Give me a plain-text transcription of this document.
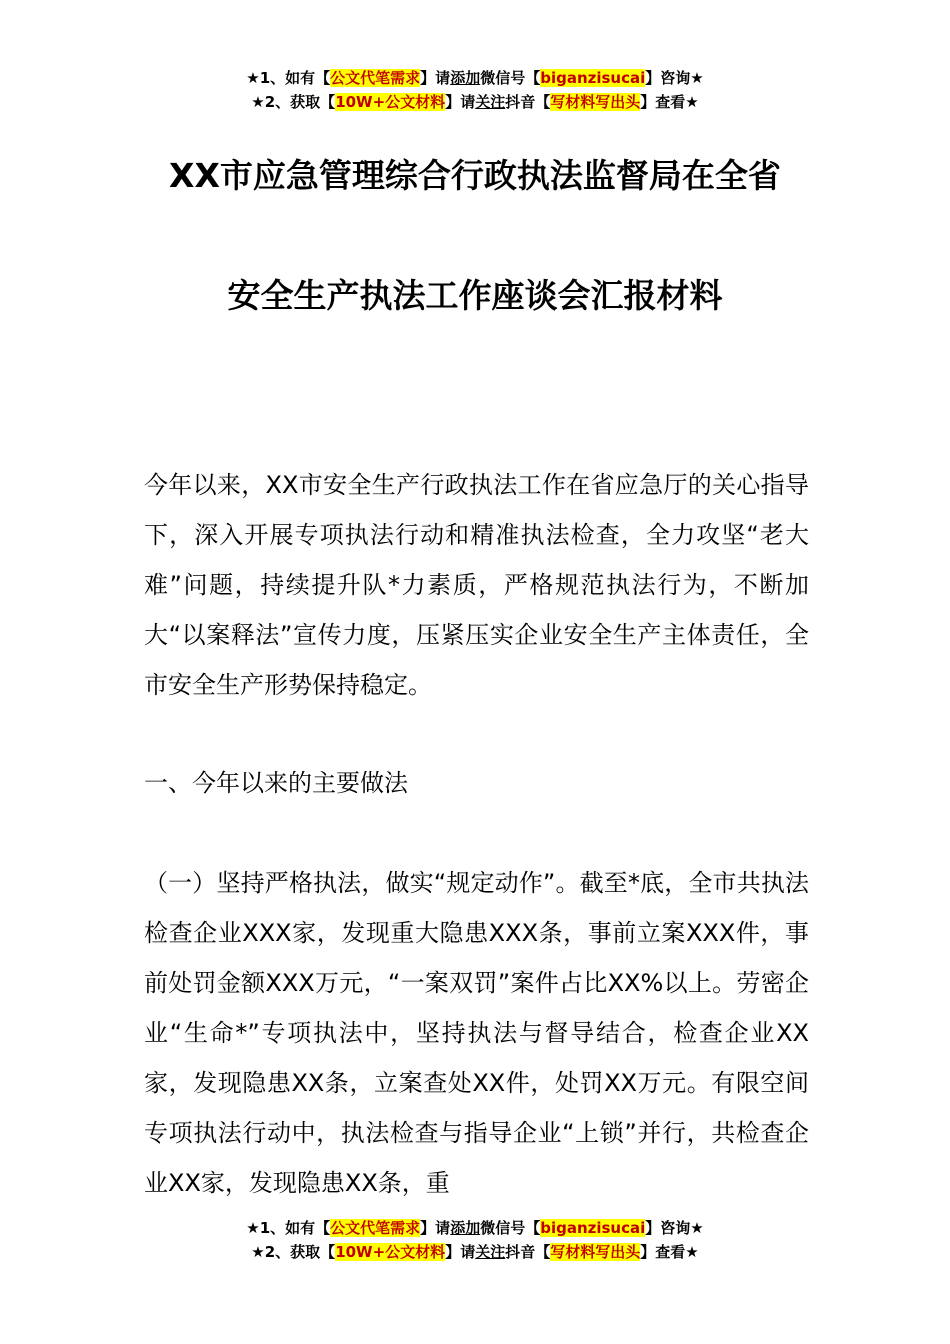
★1、如有【公文代笔需求】请添加微信号【biganzisucai】咨询★
★2、获取【10W+公文材料】请关注抖音【写材料写出头】查看★
XX市应急管理综合行政执法监督局在全省
安全生产执法工作座谈会汇报材料

今年以来，XX市安全生产行政执法工作在省应急厅的关心指导下，深入开展专项执法行动和精准执法检查，全力攻坚“老大难”问题，持续提升队*力素质，严格规范执法行为，不断加大“以案释法”宣传力度，压紧压实企业安全生产主体责任，全市安全生产形势保持稳定。

一、今年以来的主要做法

（一）坚持严格执法，做实“规定动作”。截至*底，全市共执法检查企业XXX家，发现重大隐患XXX条，事前立案XXX件，事前处罚金额XXX万元，“一案双罚”案件占比XX%以上。劳密企业“生命*”专项执法中，坚持执法与督导结合，检查企业XX家，发现隐患XX条，立案查处XX件，处罚XX万元。有限空间专项执法行动中，执法检查与指导企业“上锁”并行，共检查企业XX家，发现隐患XX条，重

★1、如有【公文代笔需求】请添加微信号【biganzisucai】咨询★
★2、获取【10W+公文材料】请关注抖音【写材料写出头】查看★
